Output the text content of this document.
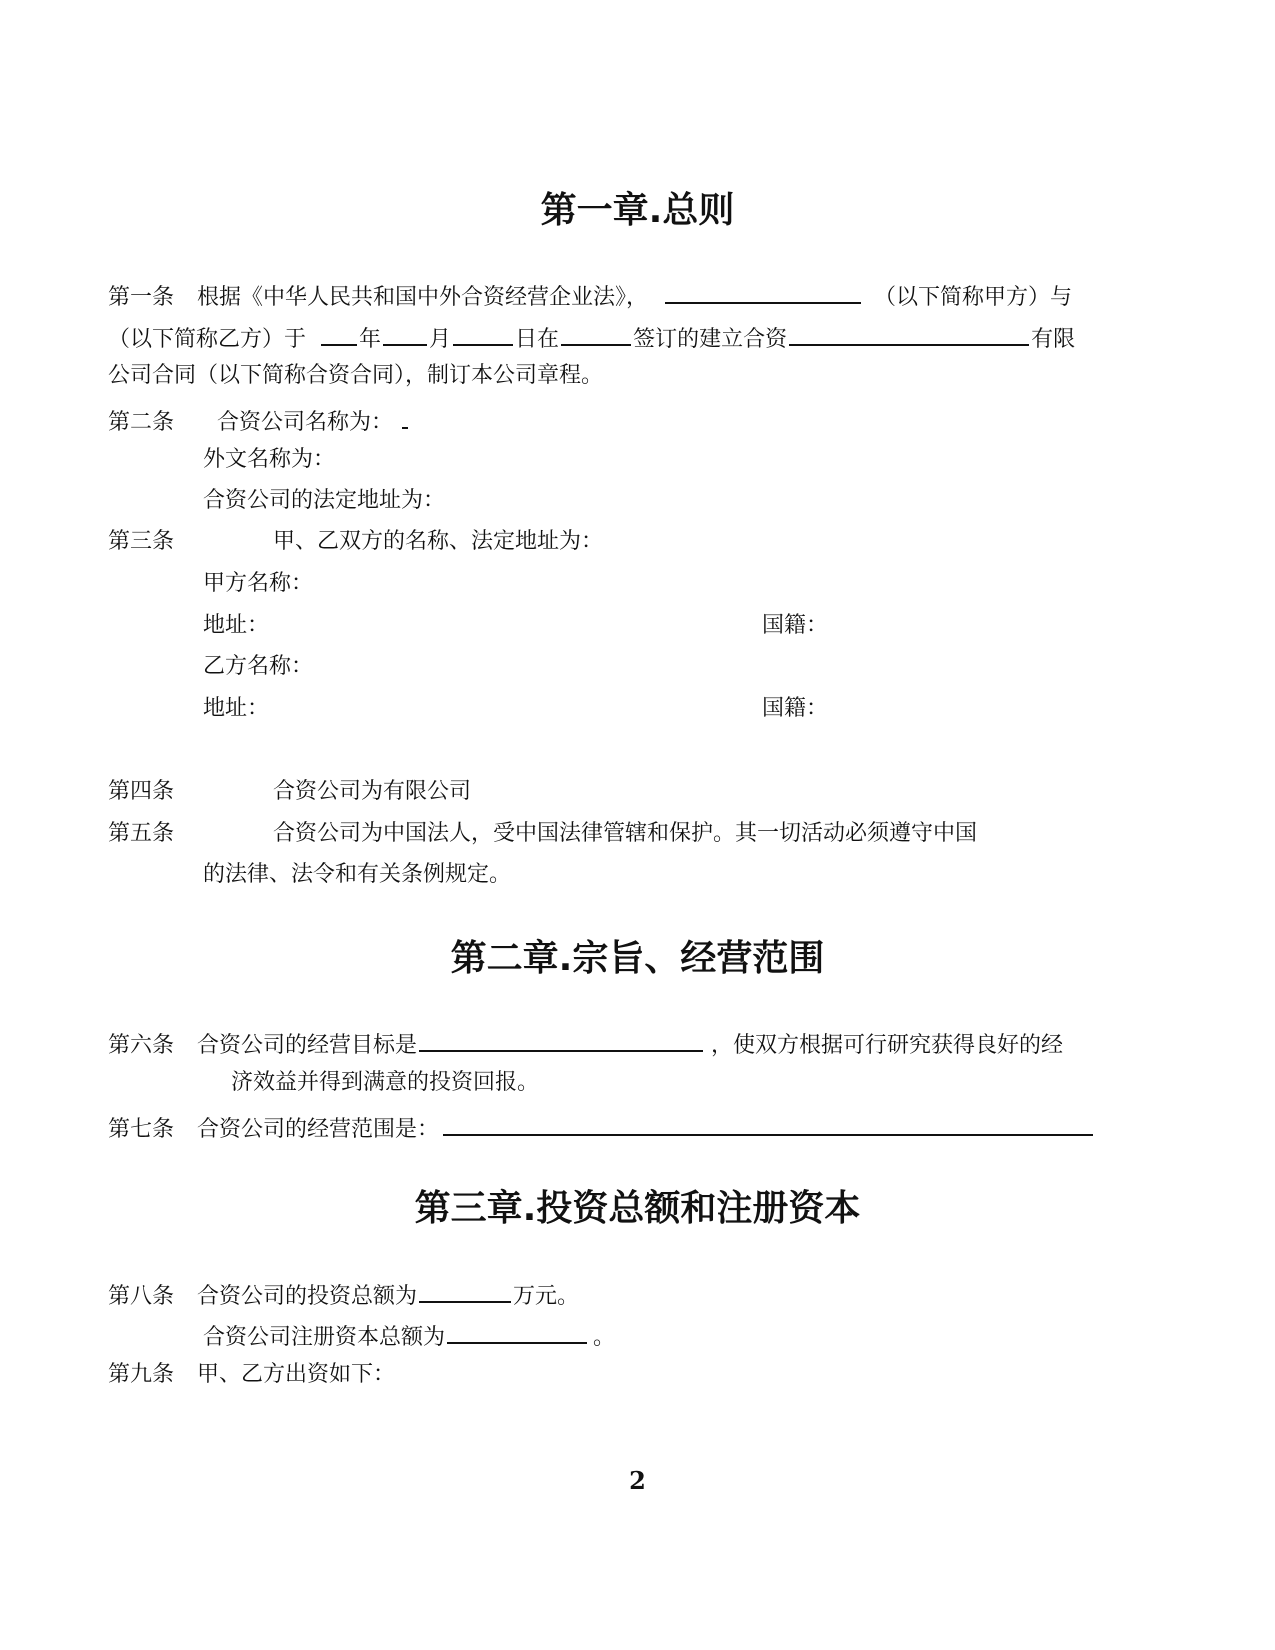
第一章.总则
第一条 根据《中华人民共和国中外合资经营企业法》，	（以下简称甲方）与
（以下简称乙方）于 年 月	日在	签订的建立合资	有限
公司合同（以下简称合资合同），制订本公司章程。
第二条 合资公司名称为：
外文名称为：
合资公司的法定地址为：
第三条	甲、乙双方的名称、法定地址为：
甲方名称：
地址：	国籍：
乙方名称：
地址：	国籍：
第四条	合资公司为有限公司
第五条	合资公司为中国法人，受中国法律管辖和保护。其一切活动必须遵守中国
的法律、法令和有关条例规定。
第二章.宗旨、经营范围
第六条 合资公司的经营目标是	，使双方根据可行研究获得良好的经
济效益并得到满意的投资回报。
第七条 合资公司的经营范围是：
第三章.投资总额和注册资本
第八条 合资公司的投资总额为	万元。
合资公司注册资本总额为	。
第九条 甲、乙方出资如下：
2
